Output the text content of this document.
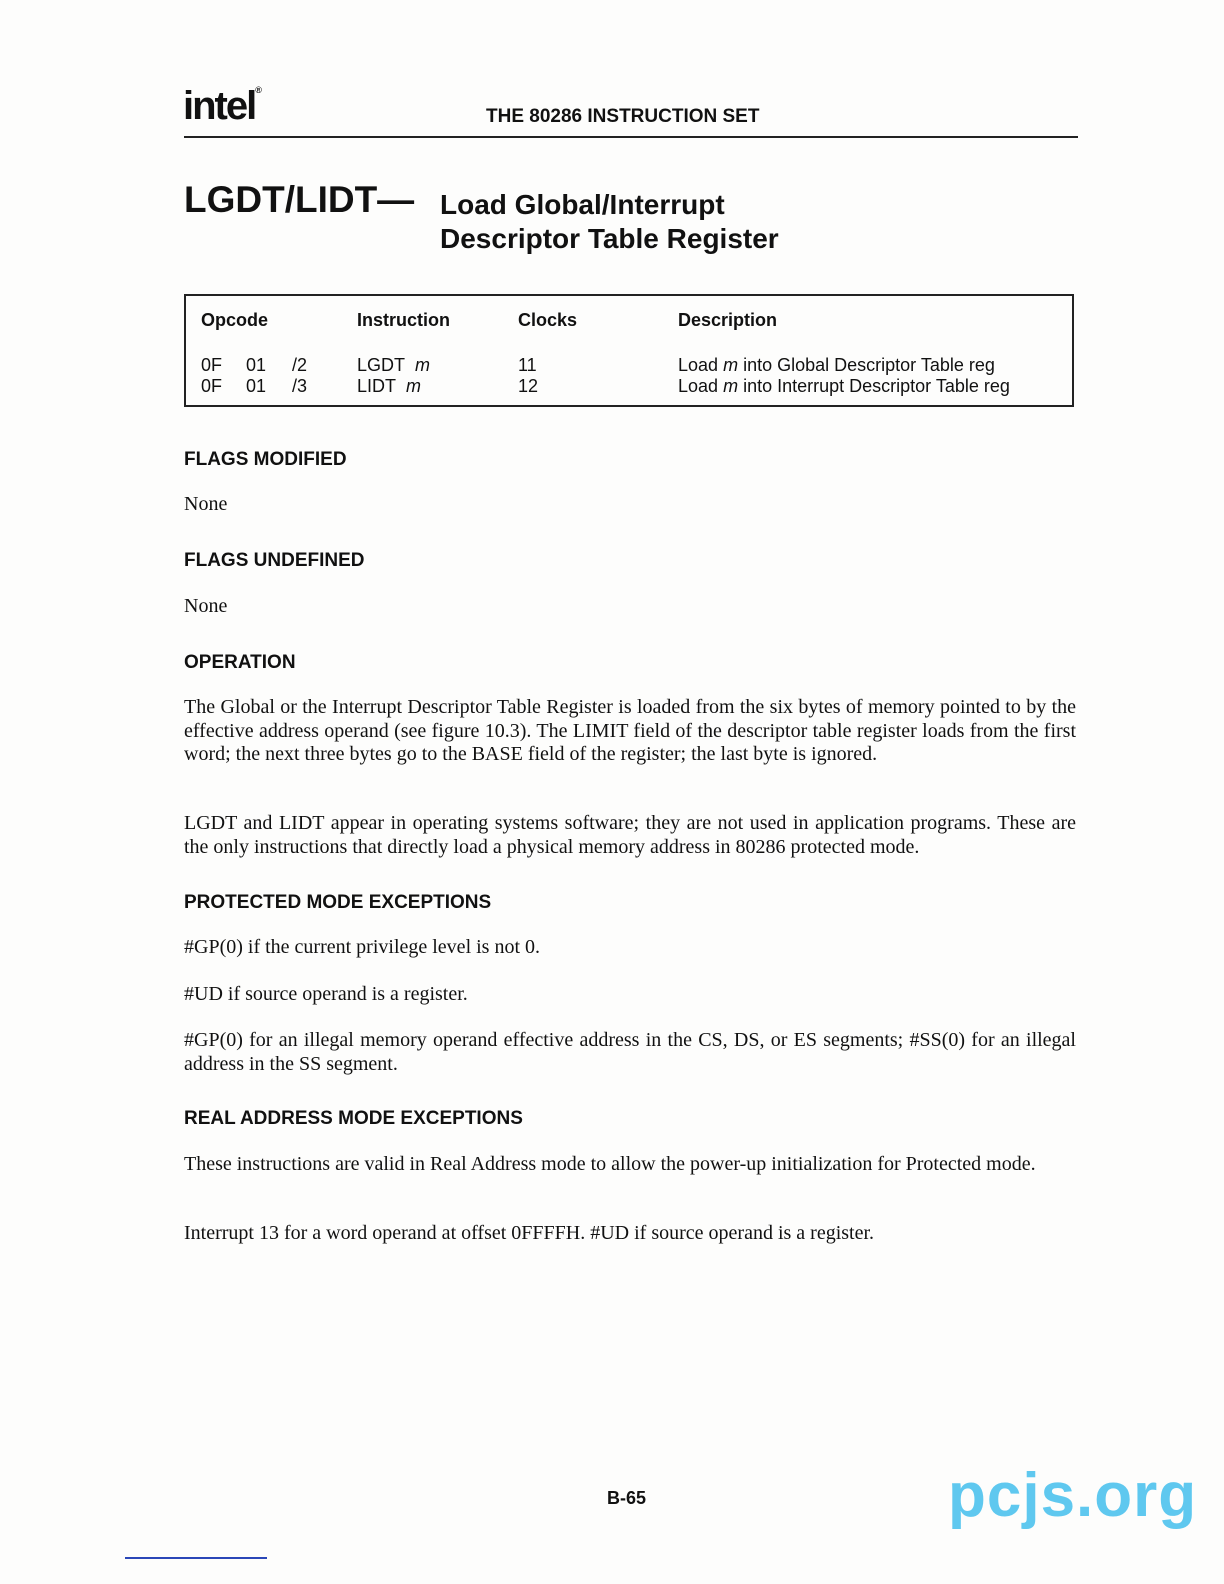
intel®
THE 80286 INSTRUCTION SET
LGDT/LIDT— Load Global/Interrupt
Descriptor Table Register
Opcode	Instruction	Clocks	Description
0F 01 /2	LGDT m	11	Load m into Global Descriptor Table reg
0F 01 /3	LIDT m	12	Load m into Interrupt Descriptor Table reg
FLAGS MODIFIED
None
FLAGS UNDEFINED
None
OPERATION
The Global or the Interrupt Descriptor Table Register is loaded from the six bytes of memory pointed to by the effective address operand (see figure 10.3). The LIMIT field of the descriptor table register loads from the first word; the next three bytes go to the BASE field of the register; the last byte is ignored.
LGDT and LIDT appear in operating systems software; they are not used in application programs. These are the only instructions that directly load a physical memory address in 80286 protected mode.
PROTECTED MODE EXCEPTIONS
#GP(0) if the current privilege level is not 0.
#UD if source operand is a register.
#GP(0) for an illegal memory operand effective address in the CS, DS, or ES segments; #SS(0) for an illegal address in the SS segment.
REAL ADDRESS MODE EXCEPTIONS
These instructions are valid in Real Address mode to allow the power-up initialization for Protected mode.
Interrupt 13 for a word operand at offset 0FFFFH. #UD if source operand is a register.
B-65	pcjs.org
